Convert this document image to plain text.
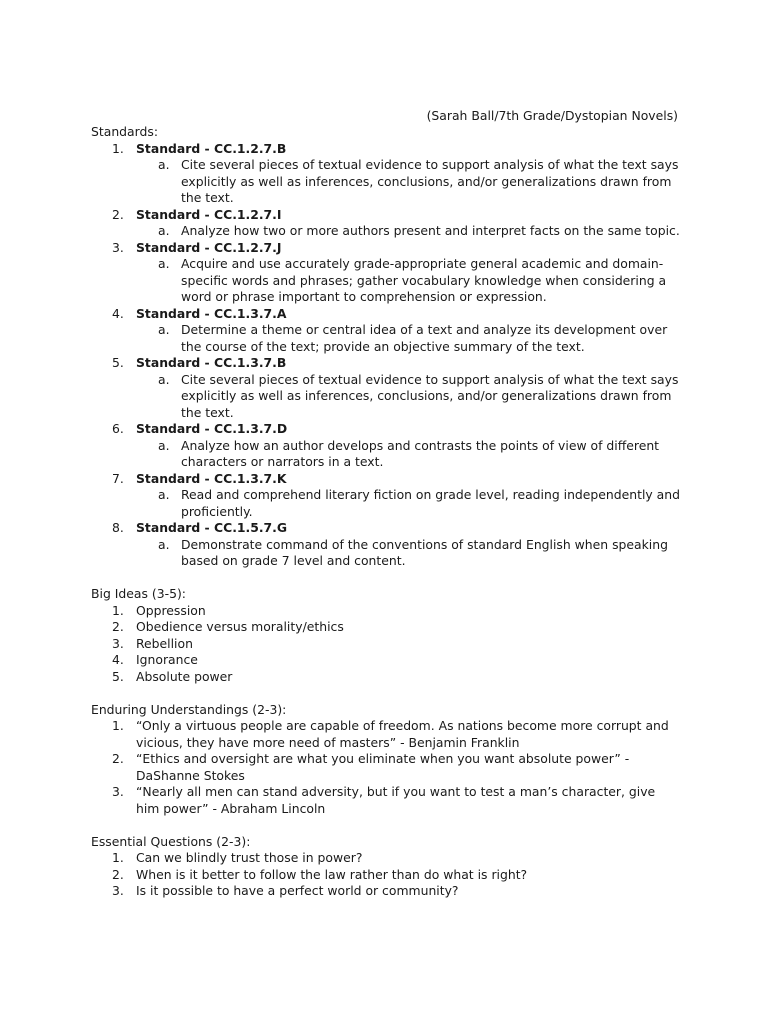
(Sarah Ball/7th Grade/Dystopian Novels)
Standards:
1. Standard - CC.1.2.7.B
a. Cite several pieces of textual evidence to support analysis of what the text says explicitly as well as inferences, conclusions, and/or generalizations drawn from the text.
2. Standard - CC.1.2.7.I
a. Analyze how two or more authors present and interpret facts on the same topic.
3. Standard - CC.1.2.7.J
a. Acquire and use accurately grade-appropriate general academic and domain-specific words and phrases; gather vocabulary knowledge when considering a word or phrase important to comprehension or expression.
4. Standard - CC.1.3.7.A
a. Determine a theme or central idea of a text and analyze its development over the course of the text; provide an objective summary of the text.
5. Standard - CC.1.3.7.B
a. Cite several pieces of textual evidence to support analysis of what the text says explicitly as well as inferences, conclusions, and/or generalizations drawn from the text.
6. Standard - CC.1.3.7.D
a. Analyze how an author develops and contrasts the points of view of different characters or narrators in a text.
7. Standard - CC.1.3.7.K
a. Read and comprehend literary fiction on grade level, reading independently and proficiently.
8. Standard - CC.1.5.7.G
a. Demonstrate command of the conventions of standard English when speaking based on grade 7 level and content.
Big Ideas (3-5):
1. Oppression
2. Obedience versus morality/ethics
3. Rebellion
4. Ignorance
5. Absolute power
Enduring Understandings (2-3):
1. “Only a virtuous people are capable of freedom. As nations become more corrupt and vicious, they have more need of masters” - Benjamin Franklin
2. “Ethics and oversight are what you eliminate when you want absolute power” - DaShanne Stokes
3. “Nearly all men can stand adversity, but if you want to test a man’s character, give him power” - Abraham Lincoln
Essential Questions (2-3):
1. Can we blindly trust those in power?
2. When is it better to follow the law rather than do what is right?
3. Is it possible to have a perfect world or community?
